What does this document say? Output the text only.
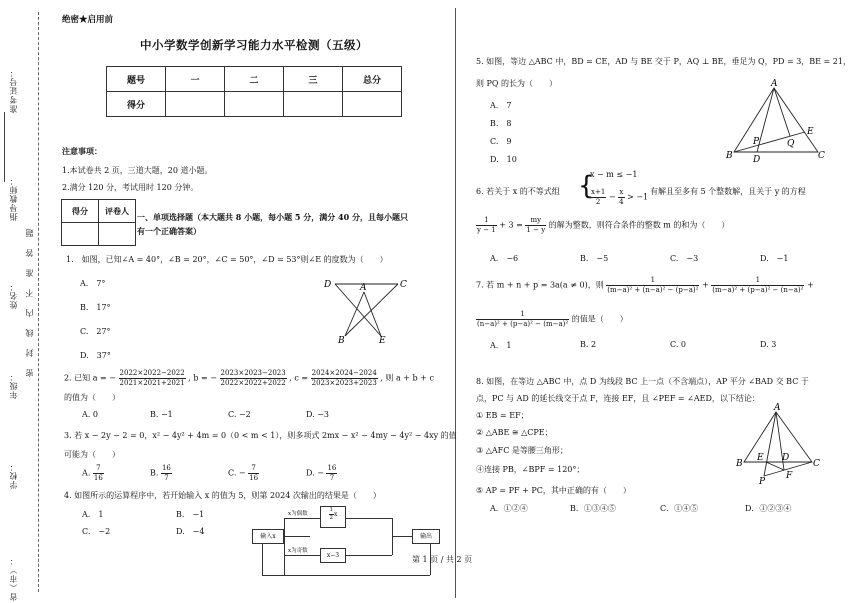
准考证号：
指导教师：
姓名：
年级：
学校：
省（市）：
题
答
准
不
内
线
封
密
绝密★启用前
中小学数学创新学习能力水平检测（五级）
题号	一	二	三	总分
得分				
注意事项：
1.本试卷共 2 页，三道大题，20 道小题。
2.满分 120 分，考试用时 120 分钟。
得分	评卷人

一、单项选择题（本大题共 8 小题，每小题 5 分，满分 40 分，且每小题只
有一个正确答案）
1.　如图，已知∠A = 40°，∠B = 20°，∠C = 50°，∠D = 53°则∠E 的度数为（　　）
A.　7°
B.　17°
C.　27°
D.　37°
D	A	C
B	E
2. 已知 a = − $\frac{2022\times 2022-2022}{2021\times 2021+2021}$ , b = − $\frac{2023\times 2023-2023}{2022\times 2022+2022}$ , $c = \frac{2024\times 2024-2024}{2023\times 2023+2023}$ , 则 a + b + c
的值为（　　）
A. 0	B. −1	C. −2	D. −3
3. 若 x − 2y − 2 = 0，x² − 4y² + 4m = 0（0 < m < 1），则多项式 2mx − x² − 4my − 4y² − 4xy 的值
可能为（　　）
A. $\frac{7}{16}$	B. $\frac{16}{7}$	C. − $\frac{7}{16}$	D. − $\frac{16}{7}$
4. 如图所示的运算程序中，若开始输入 x 的值为 5，则第 2024 次输出的结果是（　　）
A.　1	B.　−1
C.　−2	D.　−4
输入x
x为偶数
x为奇数
$\frac{1}{2}$ x
x−3
输出
5. 如图，等边 △ABC 中，BD = CE，AD 与 BE 交于 P，AQ ⊥ BE，垂足为 Q，PD = 3，BE = 21，
则 PQ 的长为（　　）
A.　7
B.　8
C.　9
D.　10
A
B	C
D
E
P	Q
6. 若关于 x 的不等式组 {
x − m ≤ −1
$\frac{x+1}{2} - \frac{x}{4} > -1$
有解且至多有 5 个整数解，且关于 y 的方程
$\frac{1}{y - 1} + 3 = \frac{my}{1 - y}$ 的解为整数，则符合条件的整数 m 的和为（　　）
A.　−6	B.　−5	C.　−3	D.　−1
7. 若 m + n + p = 3a(a ≠ 0)，则 $\frac{1}{\text{(m−a)² + (n−a)² − (p−a)²}} + \frac{1}{\text{(m−a)² + (p−a)² − (n−a)²}}$ +
$\frac{1}{\text{(n−a)² + (p−a)² − (m−a)²}}$ 的值是（　　）
A.　1	B. 2	C. 0	D. 3
8. 如图，在等边 △ABC 中，点 D 为线段 BC 上一点（不含端点），AP 平分 ∠BAD 交 BC 于
点，PC 与 AD 的延长线交于点 F，连接 EF，且 ∠PEF = ∠AED，以下结论：
① EB = EF；
② △ABE ≅ △CPE；
③ △AFC 是等腰三角形；
④连接 PB，∠BPF = 120°；
⑤ AP = PF + PC，其中正确的有（　　）
A．①②④	B．①③④⑤	C．①④⑤	D．①②③④
A
B	C
D
E
F
P
第 1 页 / 共 2 页
